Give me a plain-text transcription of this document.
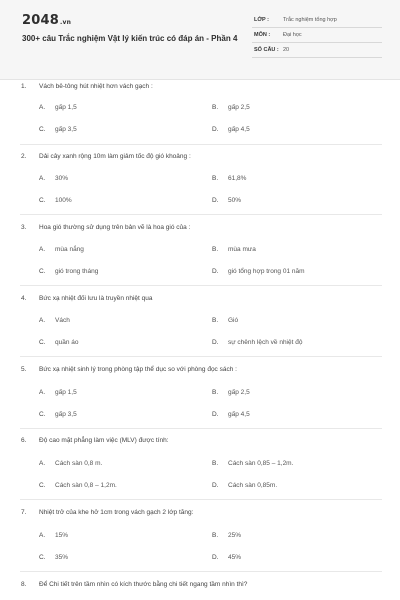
2048.vn
300+ câu Trắc nghiệm Vật lý kiến trúc có đáp án - Phần 4
LỚP :	Trắc nghiệm tổng hợp
MÔN : Đại học
SỐ CÂU : 20
1. Vách bê-tông hút nhiệt hơn vách gạch :
A. gấp 1,5	B. gấp 2,5
C. gấp 3,5	D. gấp 4,5
2. Dải cây xanh rộng 10m làm giảm tốc độ gió khoảng :
A. 30%	B. 61,8%
C. 100%	D. 50%
3. Hoa gió thường sử dụng trên bản vẽ là hoa gió của :
A. mùa nắng	B. mùa mưa
C. gió trong tháng	D. gió tổng hợp trong 01 năm
4. Bức xạ nhiệt đối lưu là truyền nhiệt qua
A. Vách	B. Gió
C. quần áo	D. sự chênh lệch về nhiệt độ
5. Bức xạ nhiệt sinh lý trong phòng tập thể dục so với phòng đọc sách :
A. gấp 1,5	B. gấp 2,5
C. gấp 3,5	D. gấp 4,5
6. Độ cao mặt phẳng làm việc (MLV) được tính:
A. Cách sàn 0,8 m.	B. Cách sàn 0,85 – 1,2m.
C. Cách sàn 0,8 – 1,2m.	D. Cách sàn 0,85m.
7. Nhiệt trở của khe hở 1cm trong vách gạch 2 lớp tăng:
A. 15%	B. 25%
C. 35%	D. 45%
8. Để Chi tiết trên tầm nhìn có kích thước bằng chi tiết ngang tầm nhìn thì?
